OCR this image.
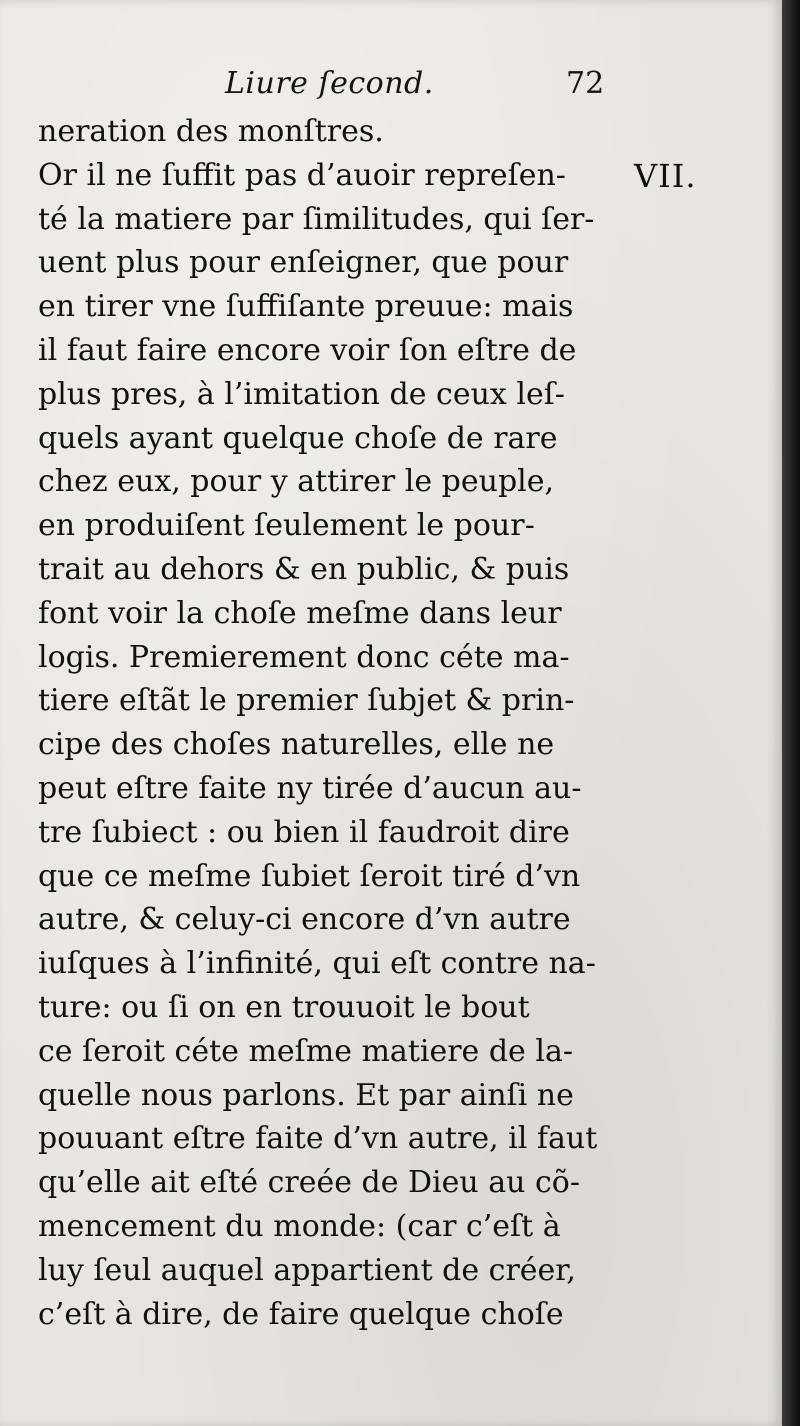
Liure ſecond.	72
VII.
neration des monſtres.
Or il ne ſuffit pas d’auoir repreſen-
té la matiere par ſimilitudes, qui ſer-
uent plus pour enſeigner, que pour
en tirer vne ſuffiſante preuue: mais
il faut faire encore voir ſon eſtre de
plus pres, à l’imitation de ceux leſ-
quels ayant quelque choſe de rare
chez eux, pour y attirer le peuple,
en produiſent ſeulement le pour-
trait au dehors & en public, & puis
font voir la choſe meſme dans leur
logis. Premierement donc céte ma-
tiere eſtãt le premier ſubjet & prin-
cipe des choſes naturelles, elle ne
peut eſtre faite ny tirée d’aucun au-
tre ſubiect : ou bien il faudroit dire
que ce meſme ſubiet ſeroit tiré d’vn
autre, & celuy-ci encore d’vn autre
iuſques à l’infinité, qui eſt contre na-
ture: ou ſi on en trouuoit le bout
ce ſeroit céte meſme matiere de la-
quelle nous parlons. Et par ainſi ne
pouuant eſtre faite d’vn autre, il faut
qu’elle ait eſté creée de Dieu au cõ-
mencement du monde: (car c’eſt à
luy ſeul auquel appartient de créer,
c’eſt à dire, de faire quelque choſe
